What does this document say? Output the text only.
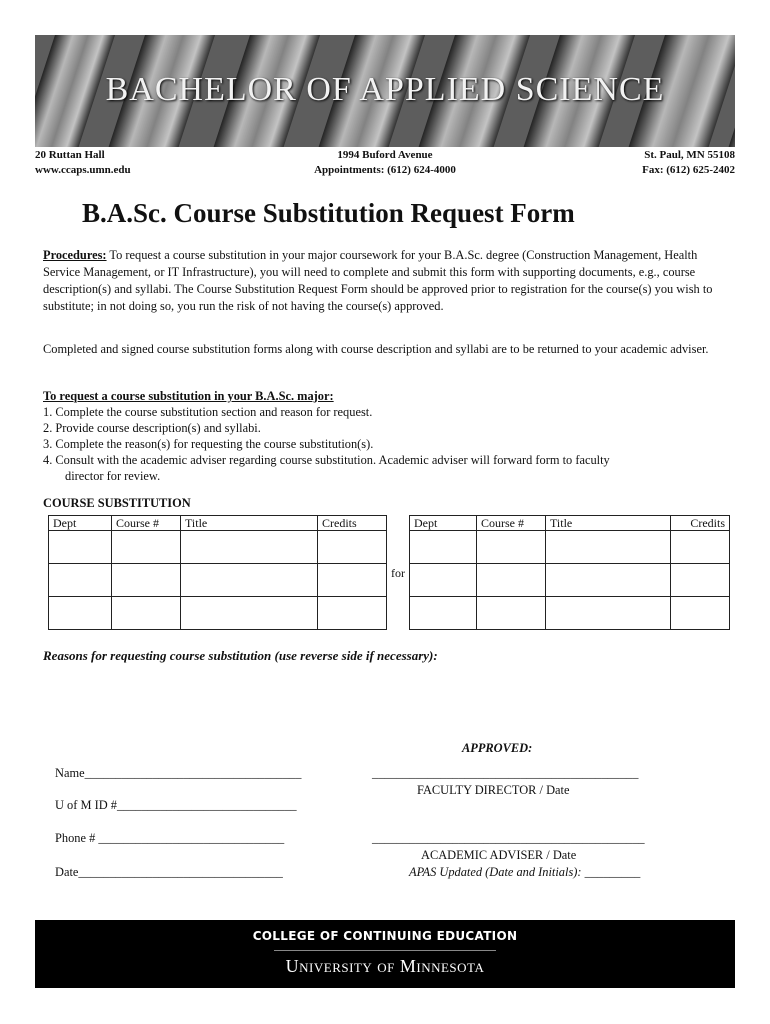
BACHELOR OF APPLIED SCIENCE
20 Ruttan Hall
www.ccaps.umn.edu
1994 Buford Avenue
Appointments: (612) 624-4000
St. Paul, MN 55108
Fax: (612) 625-2402
B.A.Sc. Course Substitution Request Form
Procedures: To request a course substitution in your major coursework for your B.A.Sc. degree (Construction Management, Health Service Management, or IT Infrastructure), you will need to complete and submit this form with supporting documents, e.g., course description(s) and syllabi. The Course Substitution Request Form should be approved prior to registration for the course(s) you wish to substitute; in not doing so, you run the risk of not having the course(s) approved.
Completed and signed course substitution forms along with course description and syllabi are to be returned to your academic adviser.
To request a course substitution in your B.A.Sc. major:
1. Complete the course substitution section and reason for request.
2. Provide course description(s) and syllabi.
3. Complete the reason(s) for requesting the course substitution(s).
4. Consult with the academic adviser regarding course substitution. Academic adviser will forward form to faculty
director for review.
COURSE SUBSTITUTION
Dept	Course #	Title	Credits	for	Dept	Course #	Title	Credits

Reasons for requesting course substitution (use reverse side if necessary):
APPROVED:
Name___________________________________
U of M ID #_____________________________
Phone # ______________________________
Date_________________________________
___________________________________________
FACULTY DIRECTOR / Date
____________________________________________
ACADEMIC ADVISER / Date
APAS Updated (Date and Initials): _________
COLLEGE OF CONTINUING EDUCATION
University of Minnesota
